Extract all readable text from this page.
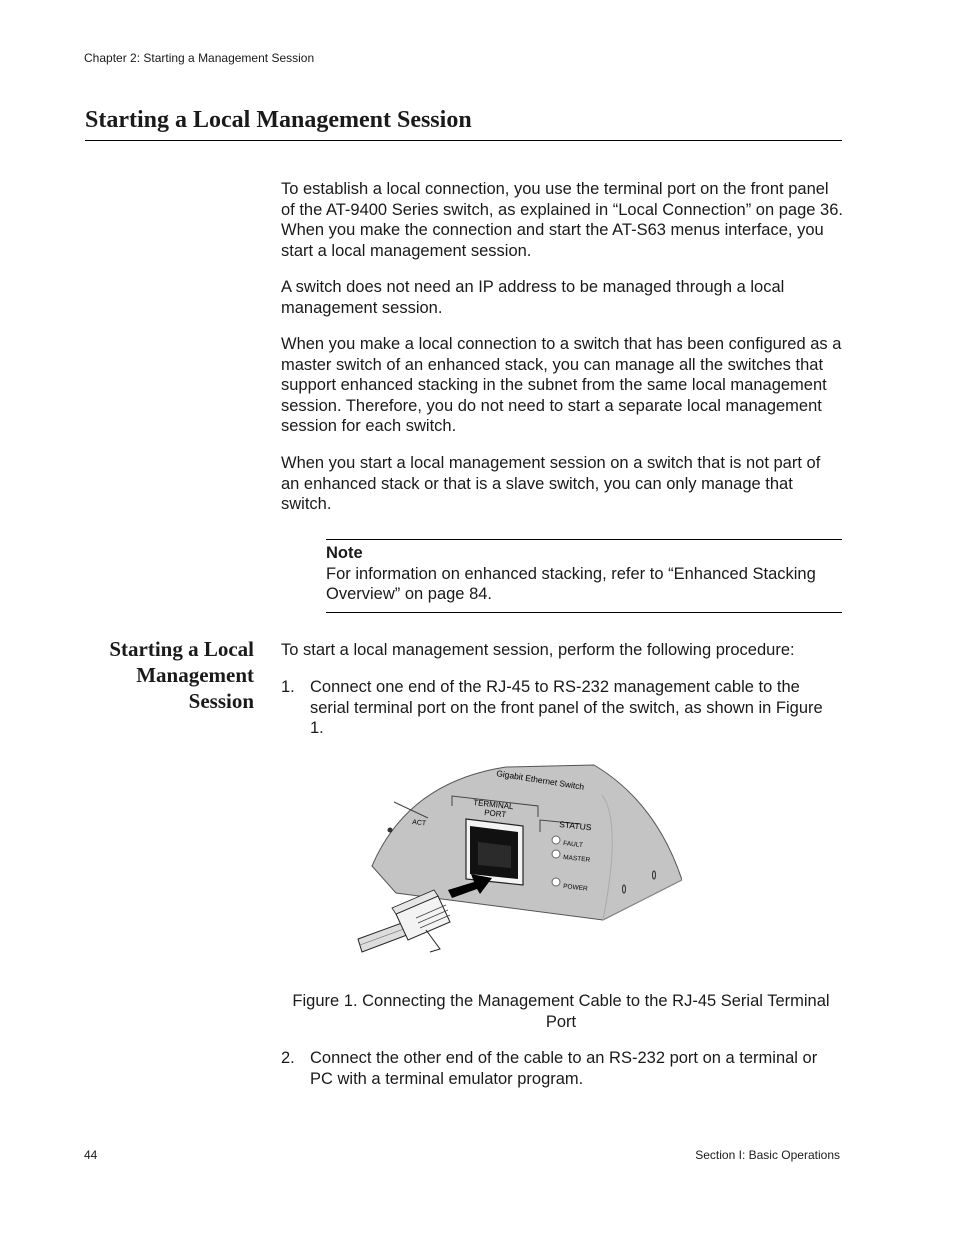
Chapter 2: Starting a Management Session
Starting a Local Management Session
To establish a local connection, you use the terminal port on the front panel of the AT-9400 Series switch, as explained in “Local Connection” on page 36. When you make the connection and start the AT-S63 menus interface, you start a local management session.
A switch does not need an IP address to be managed through a local management session.
When you make a local connection to a switch that has been configured as a master switch of an enhanced stack, you can manage all the switches that support enhanced stacking in the subnet from the same local management session. Therefore, you do not need to start a separate local management session for each switch.
When you start a local management session on a switch that is not part of an enhanced stack or that is a slave switch, you can only manage that switch.
Note
For information on enhanced stacking, refer to “Enhanced Stacking Overview” on page 84.
Starting a Local
Management
Session
To start a local management session, perform the following procedure:
1. Connect one end of the RJ-45 to RS-232 management cable to the serial terminal port on the front panel of the switch, as shown in Figure 1.
Gigabit Ethernet Switch
TERMINAL
PORT
ACT	STATUS
FAULT
MASTER
POWER
Figure 1. Connecting the Management Cable to the RJ-45 Serial Terminal Port
2. Connect the other end of the cable to an RS-232 port on a terminal or PC with a terminal emulator program.
44	Section I: Basic Operations
